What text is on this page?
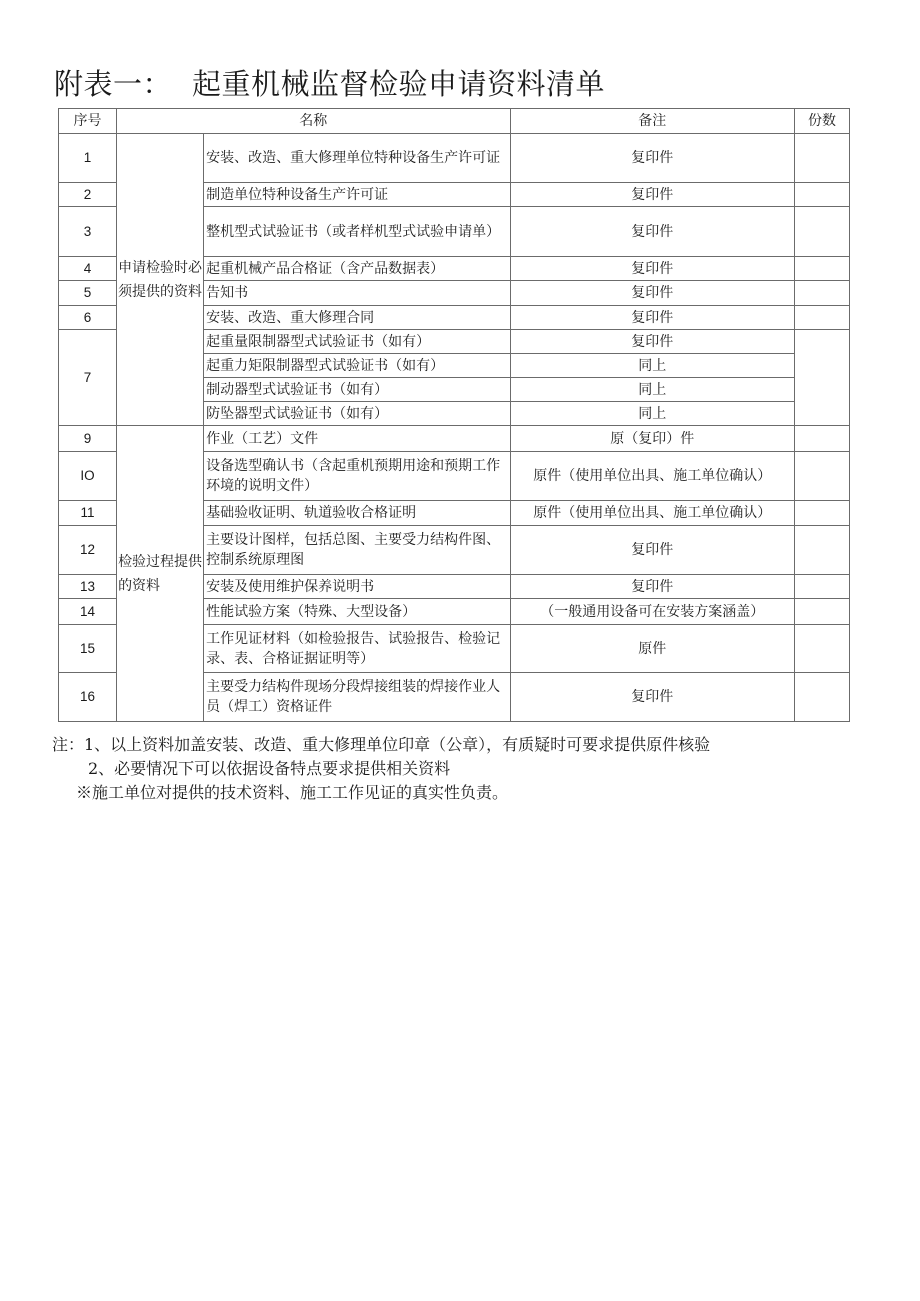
附表一： 起重机械监督检验申请资料清单
序号	名称		备注	份数
1	申请检验时必须提供的资料	安装、改造、重大修理单位特种设备生产许可证	复印件	
2		制造单位特种设备生产许可证	复印件	
3		整机型式试验证书（或者样机型式试验申请单）	复印件	
4		起重机械产品合格证（含产品数据表）	复印件	
5		告知书	复印件	
6		安装、改造、重大修理合同	复印件	
7		起重量限制器型式试验证书（如有）	复印件	
		起重力矩限制器型式试验证书（如有）	同上	
		制动器型式试验证书（如有）	同上	
		防坠器型式试验证书（如有）	同上	
9	检验过程提供的资料	作业（工艺）文件	原（复印）件	
IO		设备选型确认书（含起重机预期用途和预期工作环境的说明文件）	原件（使用单位出具、施工单位确认）	
11		基础验收证明、轨道验收合格证明	原件（使用单位出具、施工单位确认）	
12		主要设计图样，包括总图、主要受力结构件图、控制系统原理图	复印件	
13		安装及使用维护保养说明书	复印件	
14		性能试验方案（特殊、大型设备）	（一般通用设备可在安装方案涵盖）	
15		工作见证材料（如检验报告、试验报告、检验记录、表、合格证据证明等）	原件	
16		主要受力结构件现场分段焊接组装的焊接作业人员（焊工）资格证件	复印件	
注：1、以上资料加盖安装、改造、重大修理单位印章（公章），有质疑时可要求提供原件核验
2、必要情况下可以依据设备特点要求提供相关资料
※施工单位对提供的技术资料、施工工作见证的真实性负责。
